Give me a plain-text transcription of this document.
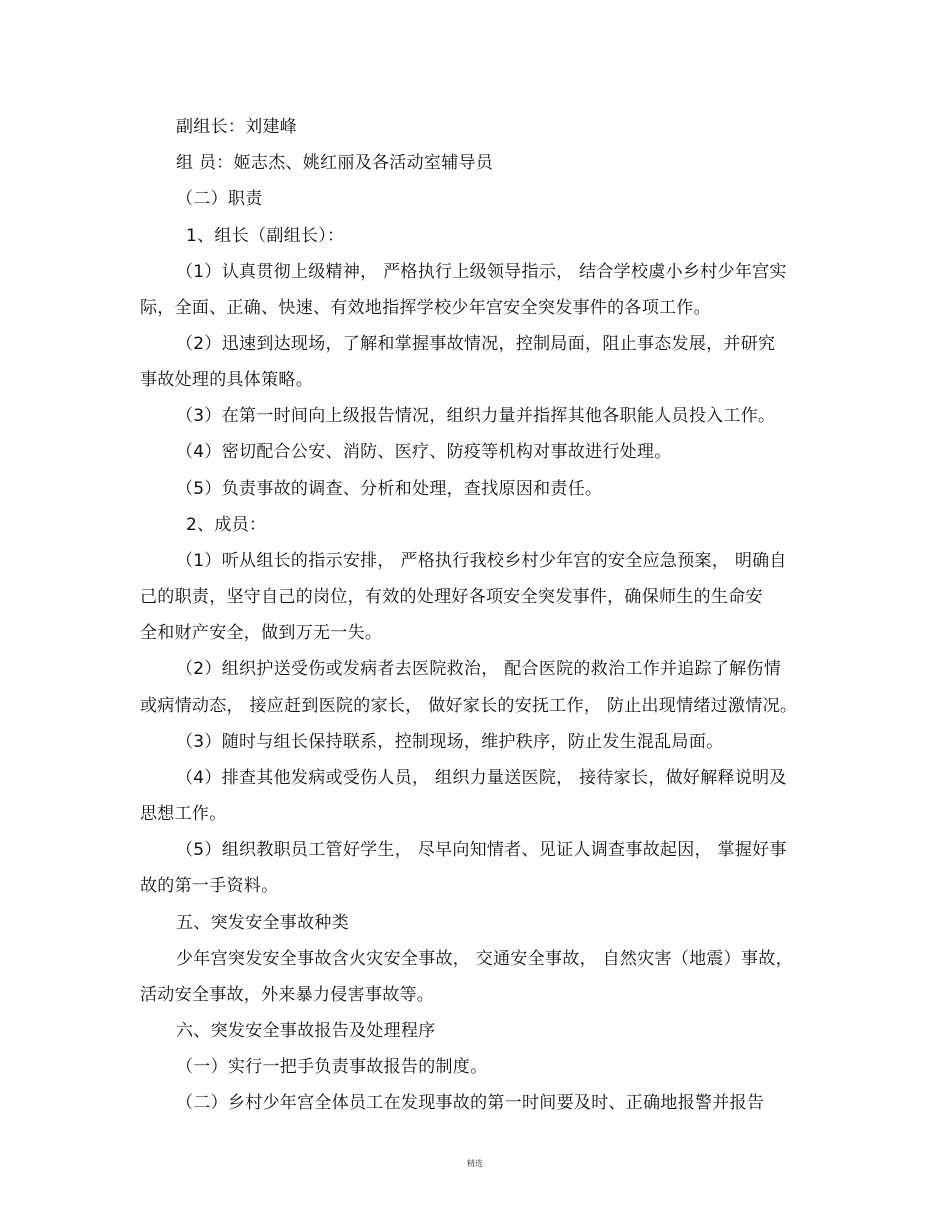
副组长：刘建峰
组 员：姬志杰、姚红丽及各活动室辅导员
（二）职责
1、组长（副组长）：
（1）认真贯彻上级精神， 严格执行上级领导指示， 结合学校虞小乡村少年宫实
际，全面、正确、快速、有效地指挥学校少年宫安全突发事件的各项工作。
（2）迅速到达现场，了解和掌握事故情况，控制局面，阻止事态发展，并研究
事故处理的具体策略。
（3）在第一时间向上级报告情况，组织力量并指挥其他各职能人员投入工作。
（4）密切配合公安、消防、医疗、防疫等机构对事故进行处理。
（5）负责事故的调查、分析和处理，查找原因和责任。
2、成员：
（1）听从组长的指示安排， 严格执行我校乡村少年宫的安全应急预案， 明确自
己的职责，坚守自己的岗位，有效的处理好各项安全突发事件，确保师生的生命安
全和财产安全，做到万无一失。
（2）组织护送受伤或发病者去医院救治， 配合医院的救治工作并追踪了解伤情
或病情动态， 接应赶到医院的家长， 做好家长的安抚工作， 防止出现情绪过激情况。
（3）随时与组长保持联系，控制现场，维护秩序，防止发生混乱局面。
（4）排查其他发病或受伤人员， 组织力量送医院， 接待家长，做好解释说明及
思想工作。
（5）组织教职员工管好学生， 尽早向知情者、见证人调查事故起因， 掌握好事
故的第一手资料。
五、突发安全事故种类
少年宫突发安全事故含火灾安全事故， 交通安全事故， 自然灾害（地震）事故，
活动安全事故，外来暴力侵害事故等。
六、突发安全事故报告及处理程序
（一）实行一把手负责事故报告的制度。
（二）乡村少年宫全体员工在发现事故的第一时间要及时、正确地报警并报告
精选
